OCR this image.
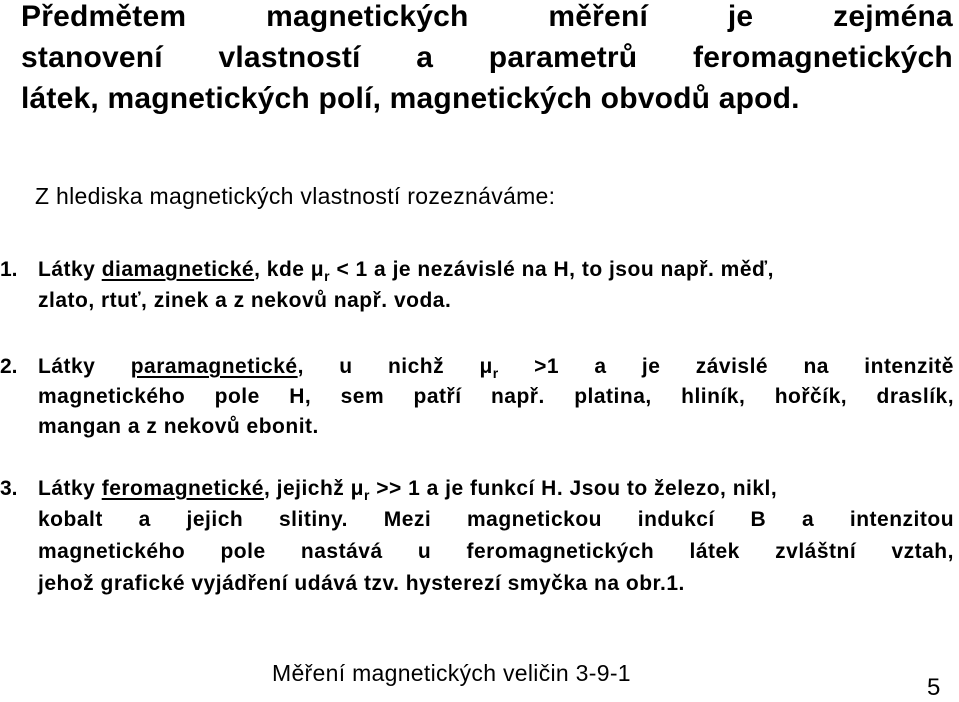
Předmětem	magnetických	měření	je	zejména
stanovení vlastností a parametrů feromagnetických
látek, magnetických polí, magnetických obvodů apod.
Z hlediska magnetických vlastností rozeznáváme:
1. Látky diamagnetické, kde $\mu_r < 1$ a je nezávislé na H, to jsou např. měď,
zlato, rtuť, zinek a z nekovů např. voda.
2. Látky paramagnetické, u nichž $\mu_r >1$ a je závislé na intenzitě
magnetického pole H, sem patří např. platina, hliník, hořčík, draslík,
mangan a z nekovů ebonit.
3. Látky feromagnetické, jejichž $\mu_r >> 1$ a je funkcí H. Jsou to železo, nikl,
kobalt a jejich slitiny. Mezi magnetickou indukcí B a intenzitou
magnetického pole nastává u feromagnetických látek zvláštní vztah,
jehož grafické vyjádření udává tzv. hysterezí smyčka na obr.1.
Měření magnetických veličin 3-9-1
5
